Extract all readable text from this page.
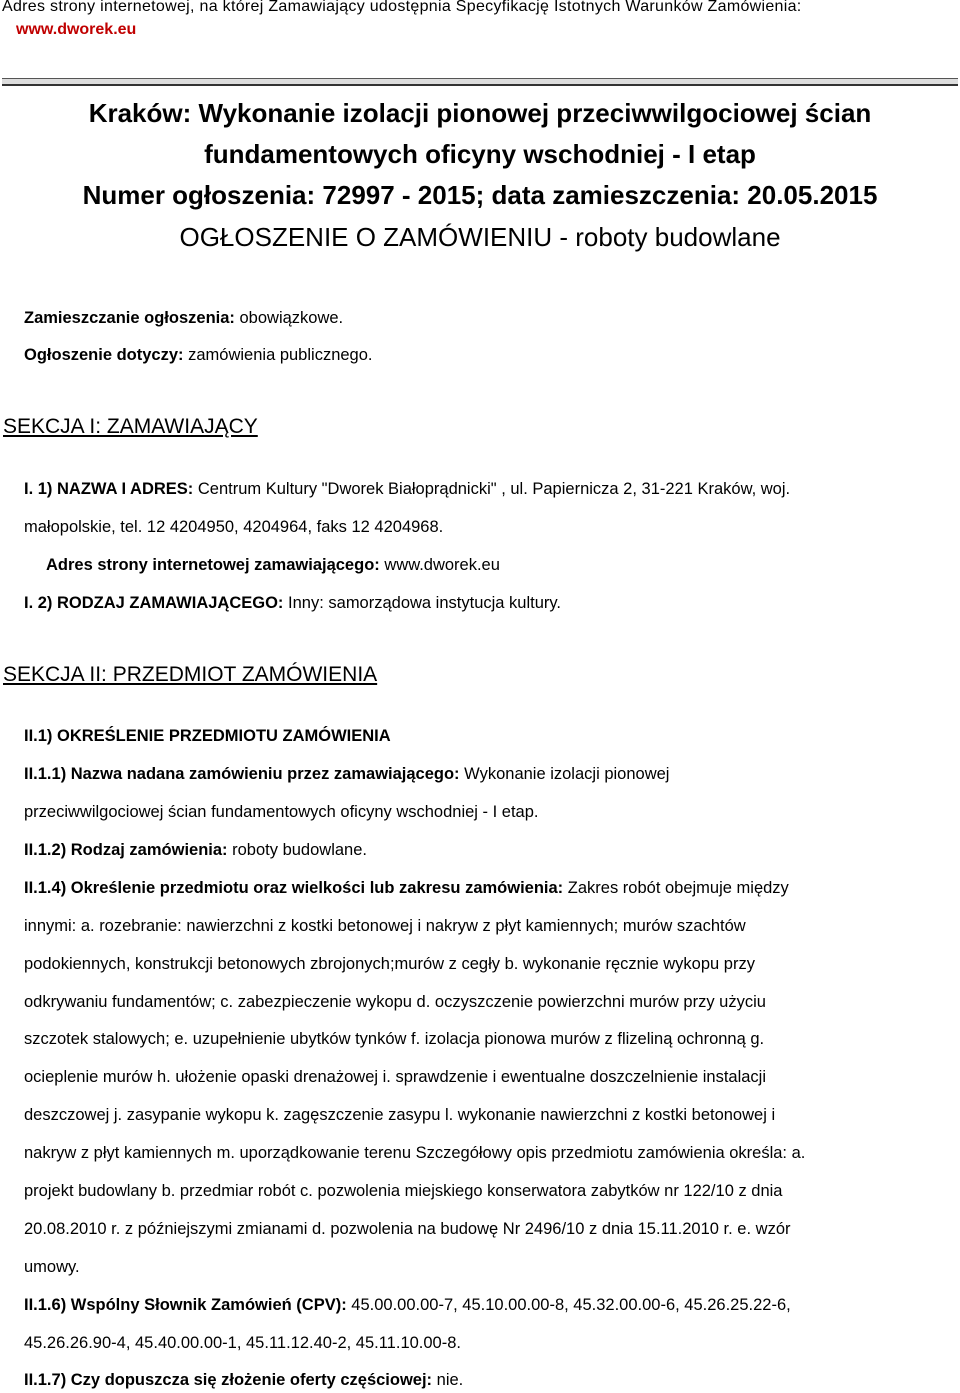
Adres strony internetowej, na której Zamawiający udostępnia Specyfikację Istotnych Warunków Zamówienia:
www.dworek.eu
Kraków: Wykonanie izolacji pionowej przeciwwilgociowej ścian
fundamentowych oficyny wschodniej - I etap
Numer ogłoszenia: 72997 - 2015; data zamieszczenia: 20.05.2015
OGŁOSZENIE O ZAMÓWIENIU - roboty budowlane
Zamieszczanie ogłoszenia: obowiązkowe.
Ogłoszenie dotyczy: zamówienia publicznego.
SEKCJA I: ZAMAWIAJĄCY
I. 1) NAZWA I ADRES: Centrum Kultury "Dworek Białoprądnicki" , ul. Papiernicza 2, 31-221 Kraków, woj.
małopolskie, tel. 12 4204950, 4204964, faks 12 4204968.
Adres strony internetowej zamawiającego: www.dworek.eu
I. 2) RODZAJ ZAMAWIAJĄCEGO: Inny: samorządowa instytucja kultury.
SEKCJA II: PRZEDMIOT ZAMÓWIENIA
II.1) OKREŚLENIE PRZEDMIOTU ZAMÓWIENIA
II.1.1) Nazwa nadana zamówieniu przez zamawiającego: Wykonanie izolacji pionowej
przeciwwilgociowej ścian fundamentowych oficyny wschodniej - I etap.
II.1.2) Rodzaj zamówienia: roboty budowlane.
II.1.4) Określenie przedmiotu oraz wielkości lub zakresu zamówienia: Zakres robót obejmuje między
innymi: a. rozebranie: nawierzchni z kostki betonowej i nakryw z płyt kamiennych; murów szachtów
podokiennych, konstrukcji betonowych zbrojonych;murów z cegły b. wykonanie ręcznie wykopu przy
odkrywaniu fundamentów; c. zabezpieczenie wykopu d. oczyszczenie powierzchni murów przy użyciu
szczotek stalowych; e. uzupełnienie ubytków tynków f. izolacja pionowa murów z flizeliną ochronną g.
ocieplenie murów h. ułożenie opaski drenażowej i. sprawdzenie i ewentualne doszczelnienie instalacji
deszczowej j. zasypanie wykopu k. zagęszczenie zasypu l. wykonanie nawierzchni z kostki betonowej i
nakryw z płyt kamiennych m. uporządkowanie terenu Szczegółowy opis przedmiotu zamówienia określa: a.
projekt budowlany b. przedmiar robót c. pozwolenia miejskiego konserwatora zabytków nr 122/10 z dnia
20.08.2010 r. z późniejszymi zmianami d. pozwolenia na budowę Nr 2496/10 z dnia 15.11.2010 r. e. wzór
umowy.
II.1.6) Wspólny Słownik Zamówień (CPV): 45.00.00.00-7, 45.10.00.00-8, 45.32.00.00-6, 45.26.25.22-6,
45.26.26.90-4, 45.40.00.00-1, 45.11.12.40-2, 45.11.10.00-8.
II.1.7) Czy dopuszcza się złożenie oferty częściowej: nie.
